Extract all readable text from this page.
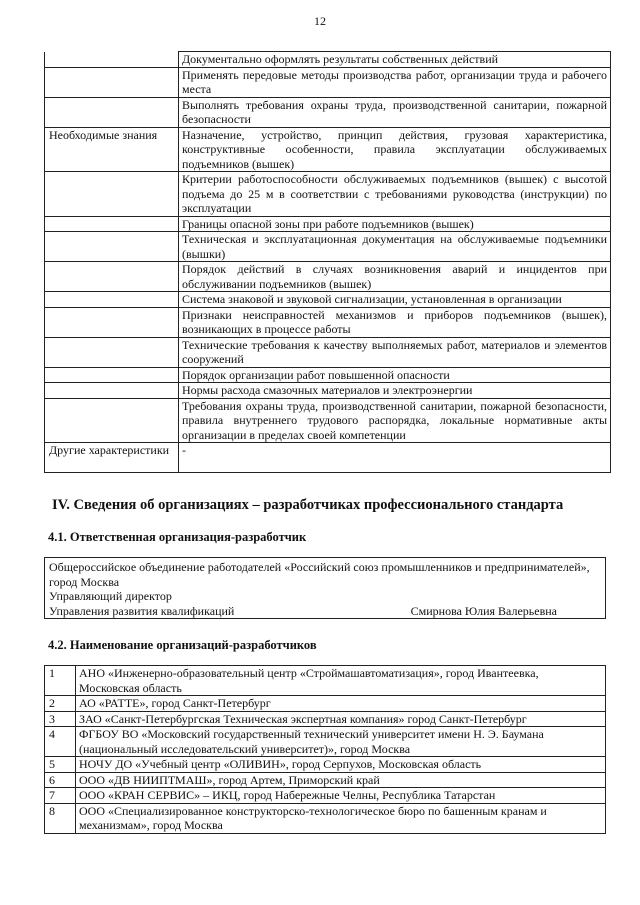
12
	Документально оформлять результаты собственных действий
	Применять передовые методы производства работ, организации труда и рабочего места
	Выполнять требования охраны труда, производственной санитарии, пожарной безопасности
Необходимые знания	Назначение, устройство, принцип действия, грузовая характеристика, конструктивные особенности, правила эксплуатации обслуживаемых подъемников (вышек)
	Критерии работоспособности обслуживаемых подъемников (вышек) с высотой подъема до 25 м в соответствии с требованиями руководства (инструкции) по эксплуатации
	Границы опасной зоны при работе подъемников (вышек)
	Техническая и эксплуатационная документация на обслуживаемые подъемники (вышки)
	Порядок действий в случаях возникновения аварий и инцидентов при обслуживании подъемников (вышек)
	Система знаковой и звуковой сигнализации, установленная в организации
	Признаки неисправностей механизмов и приборов подъемников (вышек), возникающих в процессе работы
	Технические требования к качеству выполняемых работ, материалов и элементов сооружений
	Порядок организации работ повышенной опасности
	Нормы расхода смазочных материалов и электроэнергии
	Требования охраны труда, производственной санитарии, пожарной безопасности, правила внутреннего трудового распорядка, локальные нормативные акты организации в пределах своей компетенции
Другие характеристики	-
IV. Сведения об организациях – разработчиках профессионального стандарта
4.1. Ответственная организация-разработчик
Общероссийское объединение работодателей «Российский союз промышленников и предпринимателей», город Москва
Управляющий директор
Управления развития квалификаций	Смирнова Юлия Валерьевна
4.2. Наименование организаций-разработчиков
1	АНО «Инженерно-образовательный центр «Строймашавтоматизация», город Ивантеевка, Московская область
2	АО «РАТТЕ», город Санкт-Петербург
3	ЗАО «Санкт-Петербургская Техническая экспертная компания» город Санкт-Петербург
4	ФГБОУ ВО «Московский государственный технический университет имени Н. Э. Баумана (национальный исследовательский университет)», город Москва
5	НОЧУ ДО «Учебный центр «ОЛИВИН», город Серпухов, Московская область
6	ООО «ДВ НИИПТМАШ», город Артем, Приморский край
7	ООО «КРАН СЕРВИС» – ИКЦ, город Набережные Челны, Республика Татарстан
8	ООО «Специализированное конструкторско-технологическое бюро по башенным кранам и механизмам», город Москва
